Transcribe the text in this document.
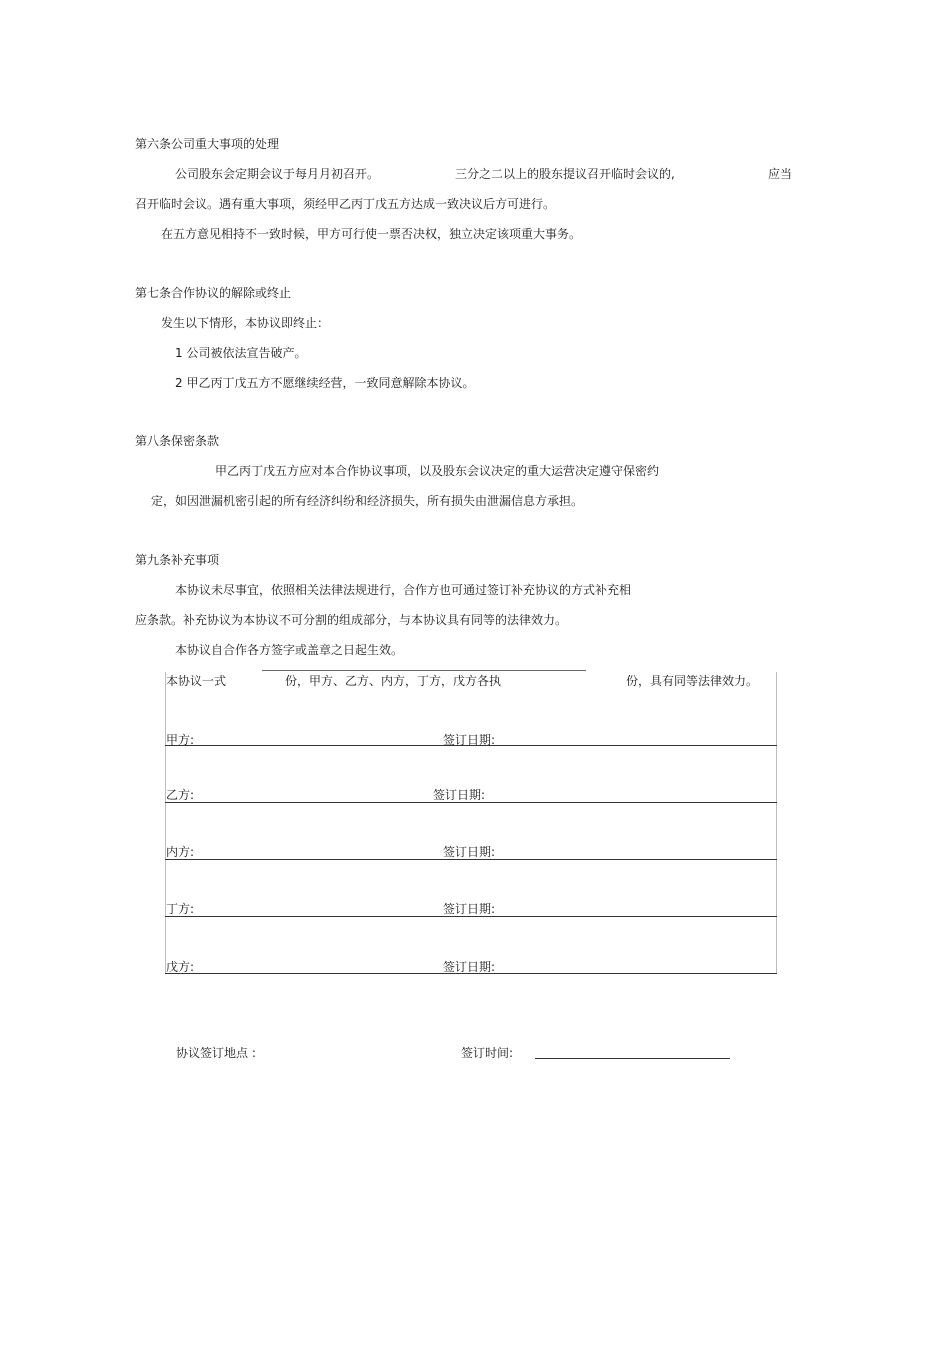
第六条公司重大事项的处理
公司股东会定期会议于每月月初召开。	三分之二以上的股东提议召开临时会议的,	应当
召开临时会议。遇有重大事项，须经甲乙丙丁戊五方达成一致决议后方可进行。
在五方意见相持不一致时候，甲方可行使一票否决权，独立决定该项重大事务。
第七条合作协议的解除或终止
发生以下情形，本协议即终止：
1 公司被依法宣告破产。
2 甲乙丙丁戊五方不愿继续经营，一致同意解除本协议。
第八条保密条款
甲乙丙丁戊五方应对本合作协议事项，以及股东会议决定的重大运营决定遵守保密约
定，如因泄漏机密引起的所有经济纠纷和经济损失，所有损失由泄漏信息方承担。
第九条补充事项
本协议未尽事宜，依照相关法律法规进行，合作方也可通过签订补充协议的方式补充相
应条款。补充协议为本协议不可分割的组成部分，与本协议具有同等的法律效力。
本协议自合作各方签字或盖章之日起生效。
本协议一式	份，甲方、乙方、内方，丁方，戊方各执	份，具有同等法律效力。
甲方:	签订日期:
乙方:	签订日期:
内方:	签订日期:
丁方:	签订日期:
戊方:	签订日期:
协议签订地点 :	签订时间:
